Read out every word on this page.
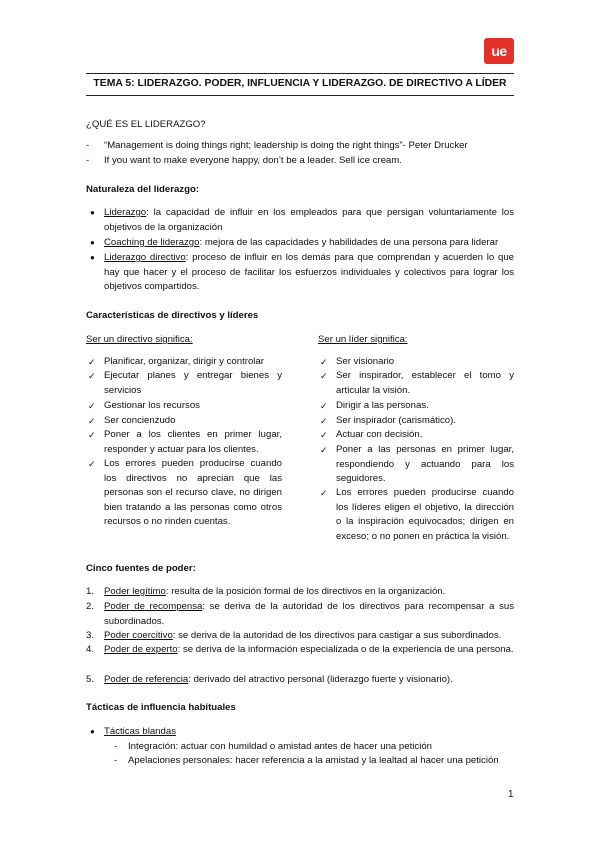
ue
TEMA 5: LIDERAZGO. PODER, INFLUENCIA Y LIDERAZGO. DE DIRECTIVO A LÍDER
¿QUÉ ES EL LIDERAZGO?
- “Management is doing things right; leadership is doing the right things”- Peter Drucker
- If you want to make everyone happy, don’t be a leader. Sell ice cream.
Naturaleza del liderazgo:
● Liderazgo: la capacidad de influir en los empleados para que persigan voluntariamente los objetivos de la organización
● Coaching de liderazgo: mejora de las capacidades y habilidades de una persona para liderar
● Liderazgo directivo: proceso de influir en los demás para que comprendan y acuerden lo que hay que hacer y el proceso de facilitar los esfuerzos individuales y colectivos para lograr los objetivos compartidos.
Características de directivos y líderes
Ser un directivo significa:	Ser un líder significa:
✓ Planificar, organizar, dirigir y controlar
✓ Ejecutar planes y entregar bienes y servicios
✓ Gestionar los recursos
✓ Ser concienzudo
✓ Poner a los clientes en primer lugar, responder y actuar para los clientes.
✓ Los errores pueden producirse cuando los directivos no aprecian que las personas son el recurso clave, no dirigen bien tratando a las personas como otros recursos o no rinden cuentas.
✓ Ser visionario
✓ Ser inspirador, establecer el tomo y articular la visión.
✓ Dirigir a las personas.
✓ Ser inspirador (carismático).
✓ Actuar con decisión.
✓ Poner a las personas en primer lugar, respondiendo y actuando para los seguidores.
✓ Los errores pueden producirse cuando los líderes eligen el objetivo, la dirección o la inspiración equivocados; dirigen en exceso; o no ponen en práctica la visión.
Cinco fuentes de poder:
1. Poder legítimo: resulta de la posición formal de los directivos en la organización.
2. Poder de recompensa: se deriva de la autoridad de los directivos para recompensar a sus subordinados.
3. Poder coercitivo: se deriva de la autoridad de los directivos para castigar a sus subordinados.
4. Poder de experto: se deriva de la información especializada o de la experiencia de una persona.
5. Poder de referencia: derivado del atractivo personal (liderazgo fuerte y visionario).
Tácticas de influencia habituales
● Tácticas blandas
- Integración: actuar con humildad o amistad antes de hacer una petición
- Apelaciones personales: hacer referencia a la amistad y la lealtad al hacer una petición
1
